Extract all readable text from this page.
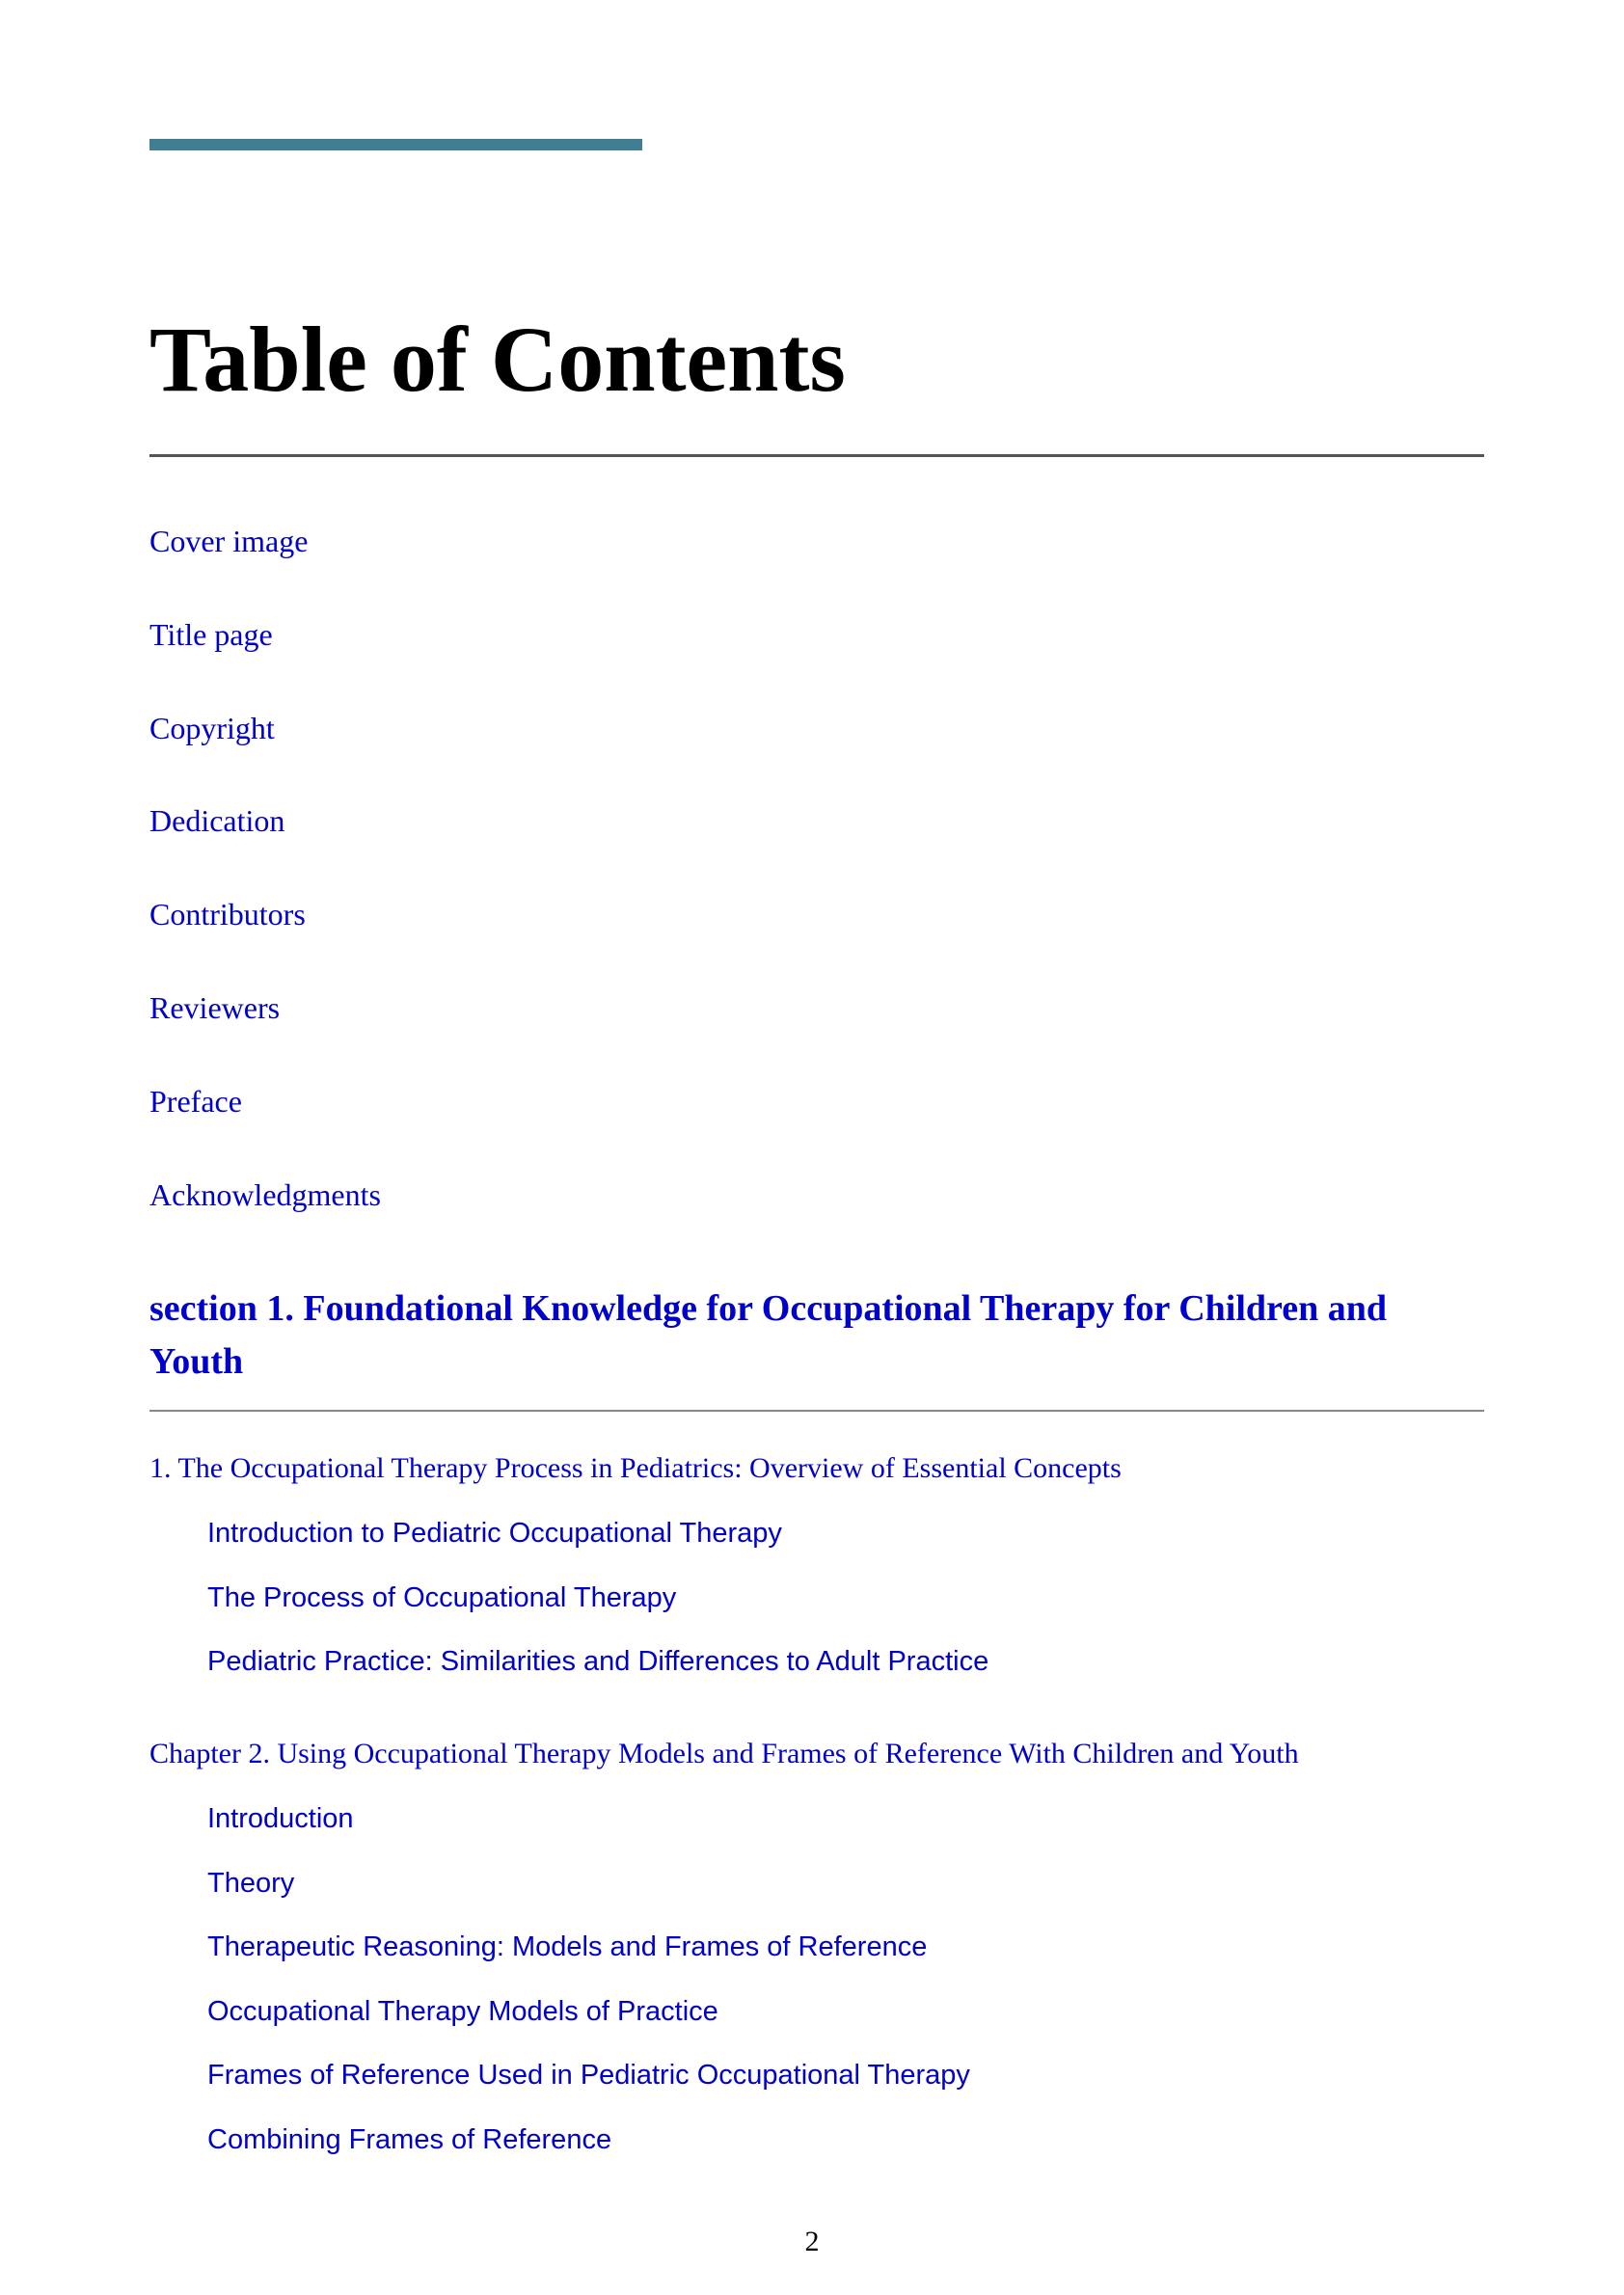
Table of Contents
Cover image
Title page
Copyright
Dedication
Contributors
Reviewers
Preface
Acknowledgments
section 1. Foundational Knowledge for Occupational Therapy for Children and Youth

1. The Occupational Therapy Process in Pediatrics: Overview of Essential Concepts

Introduction to Pediatric Occupational Therapy
The Process of Occupational Therapy
Pediatric Practice: Similarities and Differences to Adult Practice

Chapter 2. Using Occupational Therapy Models and Frames of Reference With Children and Youth

Introduction
Theory
Therapeutic Reasoning: Models and Frames of Reference
Occupational Therapy Models of Practice
Frames of Reference Used in Pediatric Occupational Therapy
Combining Frames of Reference
2
